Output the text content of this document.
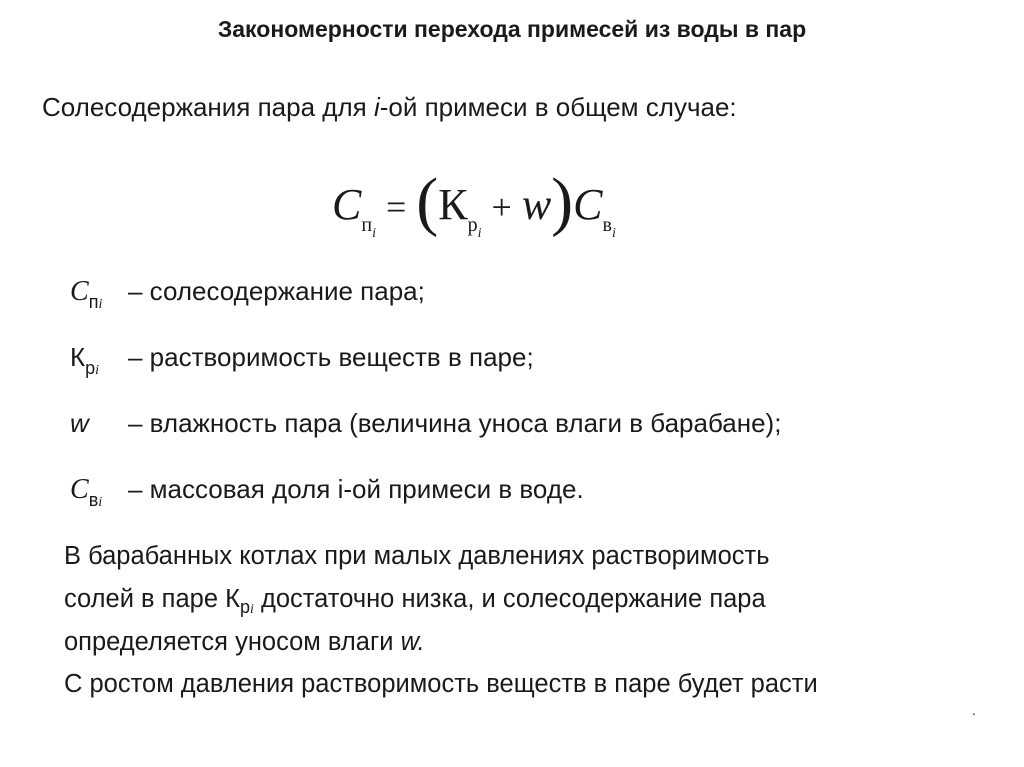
Закономерности перехода примесей из воды в пар
Солесодержания пара для i-ой примеси в общем случае:
$Cп_i = (Кр_i + w)Cв_i$
$C_{пi}$ – солесодержание пара;
$К_{рi}$ – растворимость веществ в паре;
w – влажность пара (величина уноса влаги в барабане);
$C_{вi}$ – массовая доля i-ой примеси в воде.
В барабанных котлах при малых давлениях растворимость
солей в паре $К_{рi}$ достаточно низка, и солесодержание пара
определяется уносом влаги w.
С ростом давления растворимость веществ в паре будет расти
.
